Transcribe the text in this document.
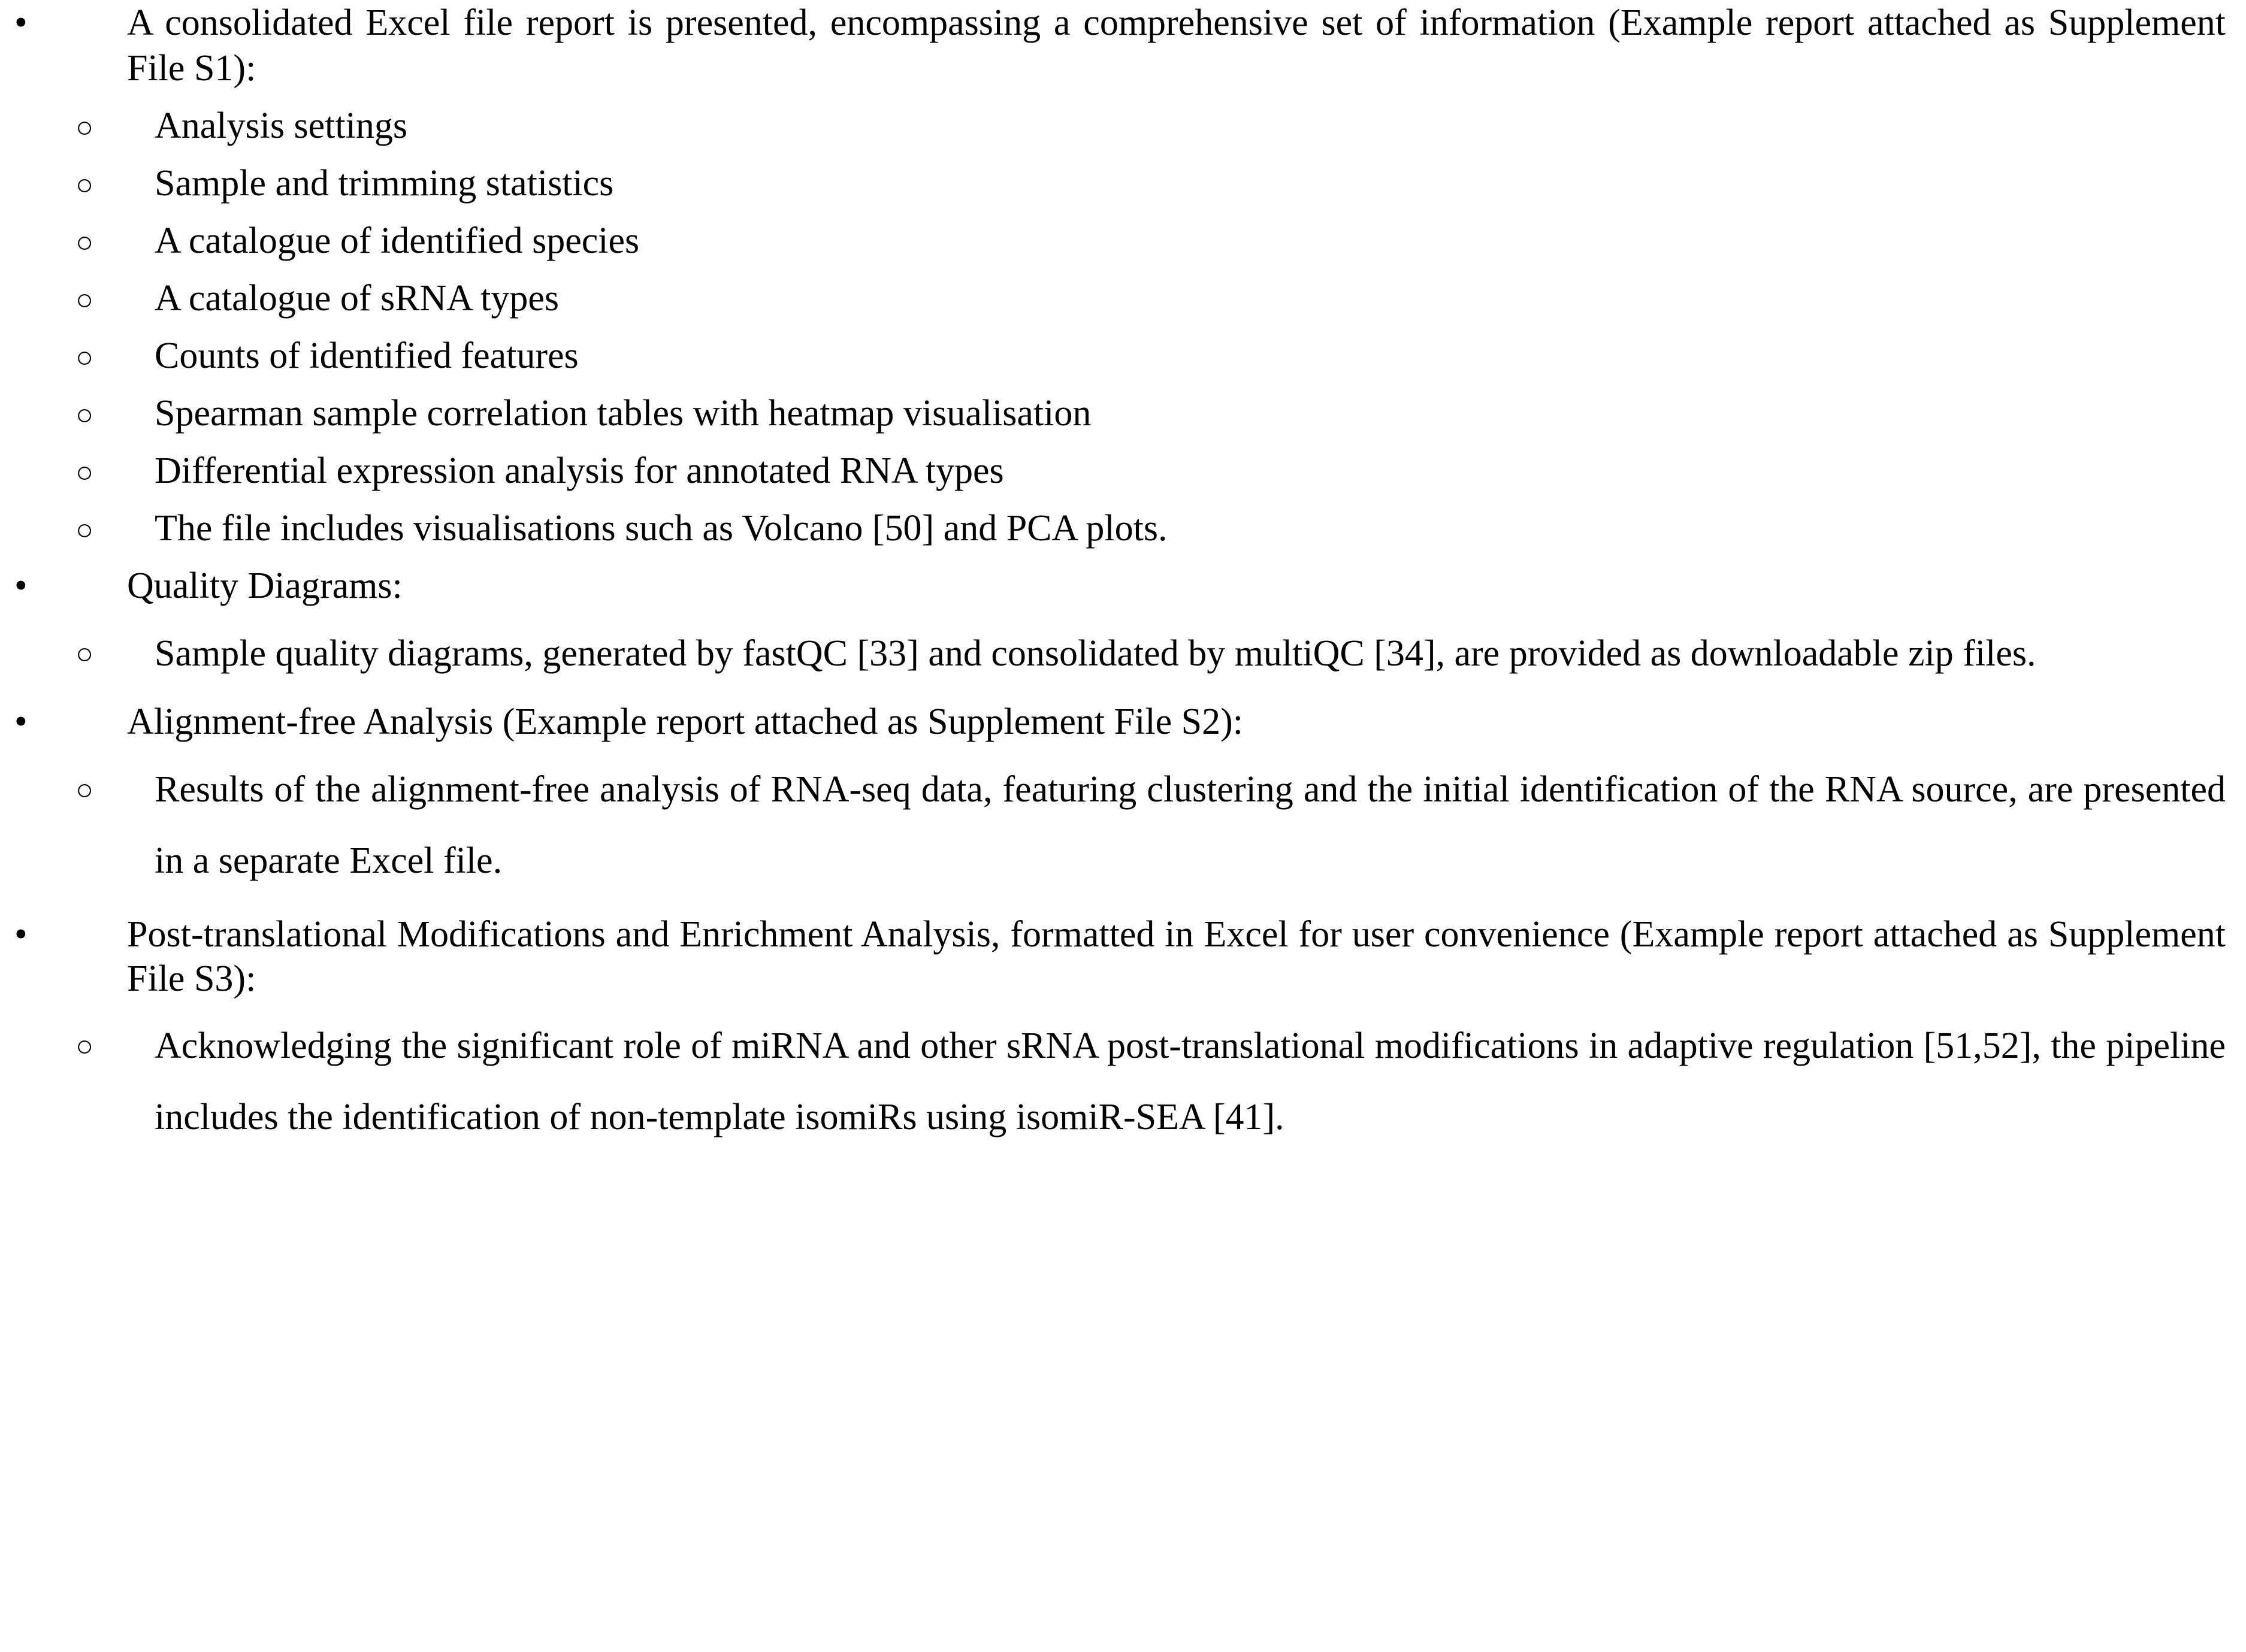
•	A consolidated Excel file report is presented, encompassing a comprehensive set of information (Example report attached as Supplement File S1):
○	Analysis settings
○	Sample and trimming statistics
○	A catalogue of identified species
○	A catalogue of sRNA types
○	Counts of identified features
○	Spearman sample correlation tables with heatmap visualisation
○	Differential expression analysis for annotated RNA types
○	The file includes visualisations such as Volcano [50] and PCA plots.
•	Quality Diagrams:
○	Sample quality diagrams, generated by fastQC [33] and consolidated by multiQC [34], are provided as downloadable zip files.
•	Alignment-free Analysis (Example report attached as Supplement File S2):
○	Results of the alignment-free analysis of RNA-seq data, featuring clustering and the initial identification of the RNA source, are presented in a separate Excel file.
•	Post-translational Modifications and Enrichment Analysis, formatted in Excel for user convenience (Example report attached as Supplement File S3):
○	Acknowledging the significant role of miRNA and other sRNA post-translational modifications in adaptive regulation [51,52], the pipeline includes the identification of non-template isomiRs using isomiR-SEA [41].
